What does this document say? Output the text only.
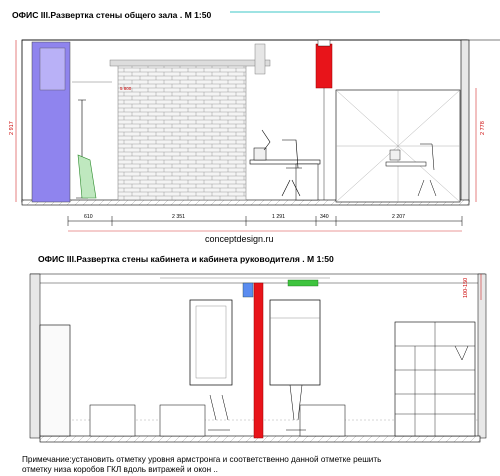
ОФИС III.Развертка стены общего зала . М 1:50
5 800
2 917	2 778
610	2 351	1 291	340	2 207
conceptdesign.ru
ОФИС III.Развертка стены кабинета и кабинета руководителя . М 1:50
100-150
Примечание:установить отметку уровня армстронга и соответственно данной отметке решить
отметку низа коробов ГКЛ вдоль витражей и окон ..
